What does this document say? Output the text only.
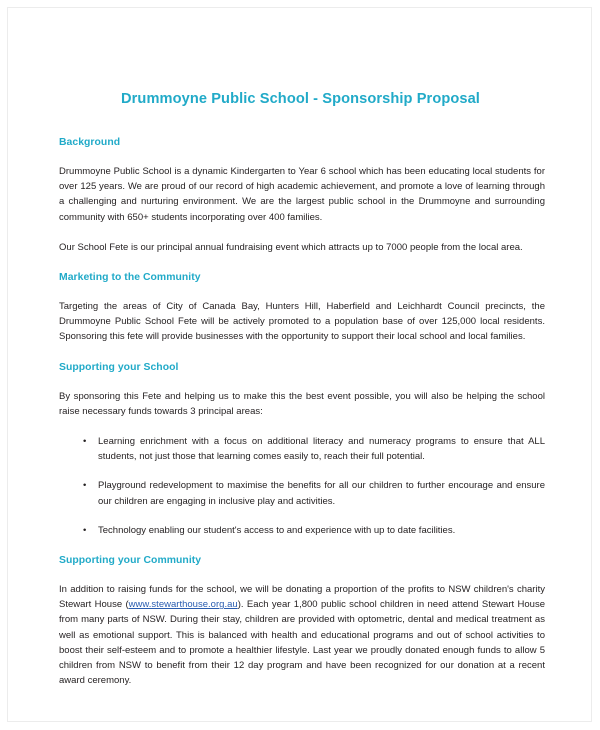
Drummoyne Public School - Sponsorship Proposal
Background

Drummoyne Public School is a dynamic Kindergarten to Year 6 school which has been educating local students for over 125 years. We are proud of our record of high academic achievement, and promote a love of learning through a challenging and nurturing environment. We are the largest public school in the Drummoyne and surrounding community with 650+ students incorporating over 400 families.

Our School Fete is our principal annual fundraising event which attracts up to 7000 people from the local area.

Marketing to the Community

Targeting the areas of City of Canada Bay, Hunters Hill, Haberfield and Leichhardt Council precincts, the Drummoyne Public School Fete will be actively promoted to a population base of over 125,000 local residents. Sponsoring this fete will provide businesses with the opportunity to support their local school and local families.

Supporting your School

By sponsoring this Fete and helping us to make this the best event possible, you will also be helping the school raise necessary funds towards 3 principal areas:

• Learning enrichment with a focus on additional literacy and numeracy programs to ensure that ALL students, not just those that learning comes easily to, reach their full potential.
• Playground redevelopment to maximise the benefits for all our children to further encourage and ensure our children are engaging in inclusive play and activities.
• Technology enabling our student's access to and experience with up to date facilities.
Supporting your Community

In addition to raising funds for the school, we will be donating a proportion of the profits to NSW children's charity Stewart House (www.stewarthouse.org.au). Each year 1,800 public school children in need attend Stewart House from many parts of NSW. During their stay, children are provided with optometric, dental and medical treatment as well as emotional support. This is balanced with health and educational programs and out of school activities to boost their self-esteem and to promote a healthier lifestyle. Last year we proudly donated enough funds to allow 5 children from NSW to benefit from their 12 day program and have been recognized for our donation at a recent award ceremony.
